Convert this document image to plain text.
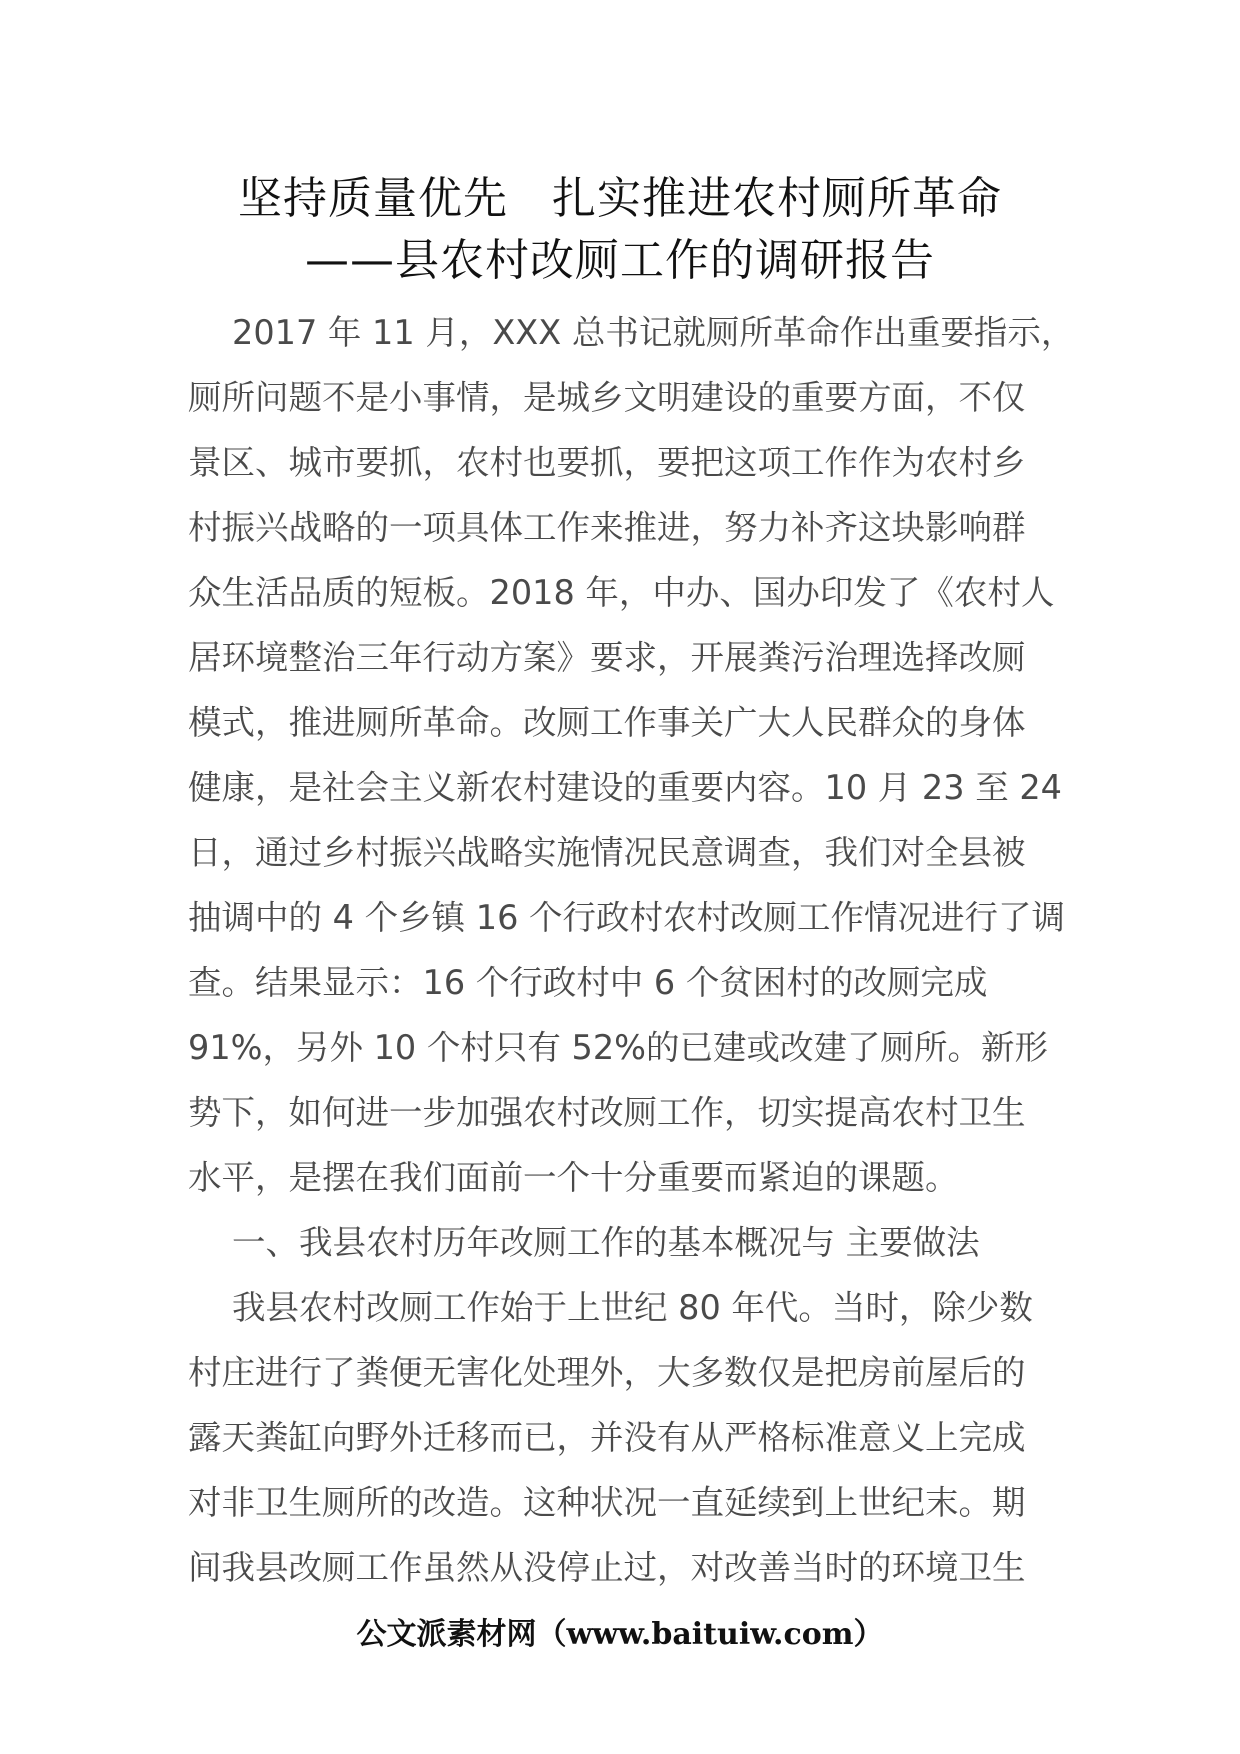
坚持质量优先 扎实推进农村厕所革命
——县农村改厕工作的调研报告
2017 年 11 月，XXX 总书记就厕所革命作出重要指示，
厕所问题不是小事情，是城乡文明建设的重要方面，不仅
景区、城市要抓，农村也要抓，要把这项工作作为农村乡
村振兴战略的一项具体工作来推进，努力补齐这块影响群
众生活品质的短板。2018 年，中办、国办印发了《农村人
居环境整治三年行动方案》要求，开展粪污治理选择改厕
模式，推进厕所革命。改厕工作事关广大人民群众的身体
健康，是社会主义新农村建设的重要内容。10 月 23 至 24
日，通过乡村振兴战略实施情况民意调查，我们对全县被
抽调中的 4 个乡镇 16 个行政村农村改厕工作情况进行了调
查。结果显示：16 个行政村中 6 个贫困村的改厕完成
91%，另外 10 个村只有 52%的已建或改建了厕所。新形
势下，如何进一步加强农村改厕工作，切实提高农村卫生
水平，是摆在我们面前一个十分重要而紧迫的课题。
一、我县农村历年改厕工作的基本概况与 主要做法
我县农村改厕工作始于上世纪 80 年代。当时，除少数
村庄进行了粪便无害化处理外，大多数仅是把房前屋后的
露天粪缸向野外迁移而已，并没有从严格标准意义上完成
对非卫生厕所的改造。这种状况一直延续到上世纪末。期
间我县改厕工作虽然从没停止过，对改善当时的环境卫生
公文派素材网（www.baituiw.com）
